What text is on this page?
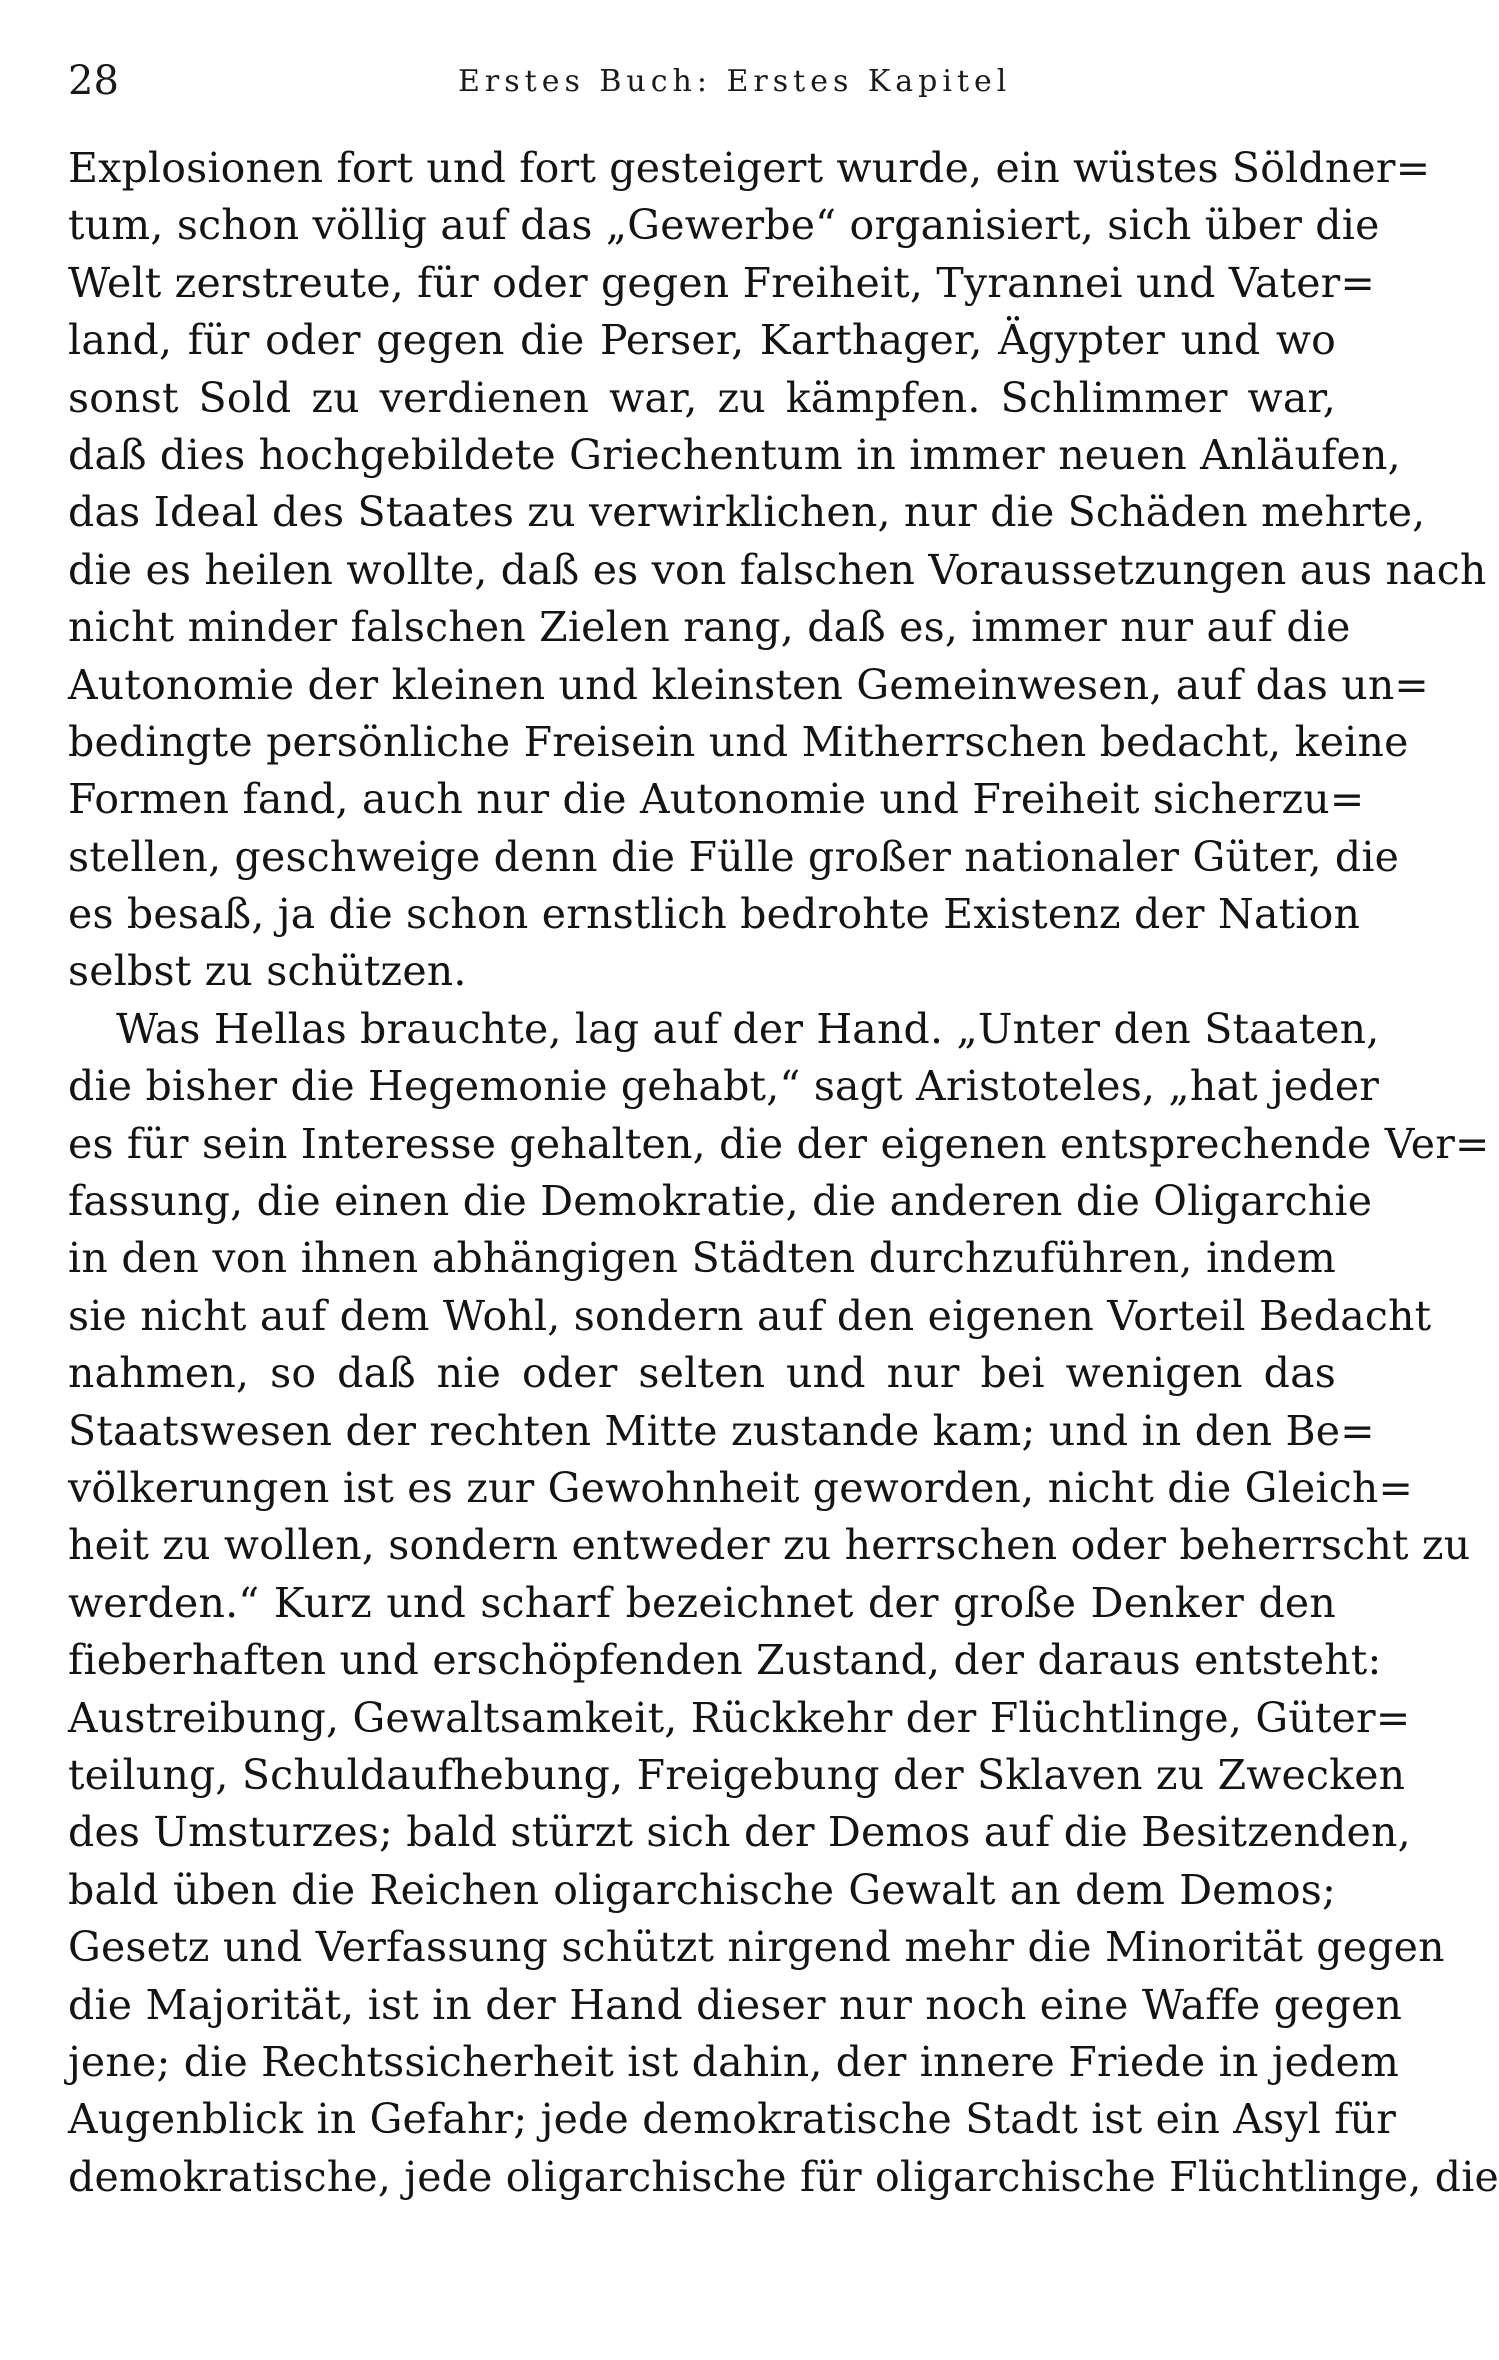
28	Erstes Buch: Erstes Kapitel
Explosionen fort und fort gesteigert wurde, ein wüstes Söldner=
tum, schon völlig auf das „Gewerbe“ organisiert, sich über die
Welt zerstreute, für oder gegen Freiheit, Tyrannei und Vater=
land, für oder gegen die Perser, Karthager, Ägypter und wo
sonst Sold zu verdienen war, zu kämpfen. Schlimmer war,
daß dies hochgebildete Griechentum in immer neuen Anläufen,
das Ideal des Staates zu verwirklichen, nur die Schäden mehrte,
die es heilen wollte, daß es von falschen Voraussetzungen aus nach
nicht minder falschen Zielen rang, daß es, immer nur auf die
Autonomie der kleinen und kleinsten Gemeinwesen, auf das un=
bedingte persönliche Freisein und Mitherrschen bedacht, keine
Formen fand, auch nur die Autonomie und Freiheit sicherzu=
stellen, geschweige denn die Fülle großer nationaler Güter, die
es besaß, ja die schon ernstlich bedrohte Existenz der Nation
selbst zu schützen.
Was Hellas brauchte, lag auf der Hand. „Unter den Staaten,
die bisher die Hegemonie gehabt,“ sagt Aristoteles, „hat jeder
es für sein Interesse gehalten, die der eigenen entsprechende Ver=
fassung, die einen die Demokratie, die anderen die Oligarchie
in den von ihnen abhängigen Städten durchzuführen, indem
sie nicht auf dem Wohl, sondern auf den eigenen Vorteil Bedacht
nahmen, so daß nie oder selten und nur bei wenigen das
Staatswesen der rechten Mitte zustande kam; und in den Be=
völkerungen ist es zur Gewohnheit geworden, nicht die Gleich=
heit zu wollen, sondern entweder zu herrschen oder beherrscht zu
werden.“ Kurz und scharf bezeichnet der große Denker den
fieberhaften und erschöpfenden Zustand, der daraus entsteht:
Austreibung, Gewaltsamkeit, Rückkehr der Flüchtlinge, Güter=
teilung, Schuldaufhebung, Freigebung der Sklaven zu Zwecken
des Umsturzes; bald stürzt sich der Demos auf die Besitzenden,
bald üben die Reichen oligarchische Gewalt an dem Demos;
Gesetz und Verfassung schützt nirgend mehr die Minorität gegen
die Majorität, ist in der Hand dieser nur noch eine Waffe gegen
jene; die Rechtssicherheit ist dahin, der innere Friede in jedem
Augenblick in Gefahr; jede demokratische Stadt ist ein Asyl für
demokratische, jede oligarchische für oligarchische Flüchtlinge, die
